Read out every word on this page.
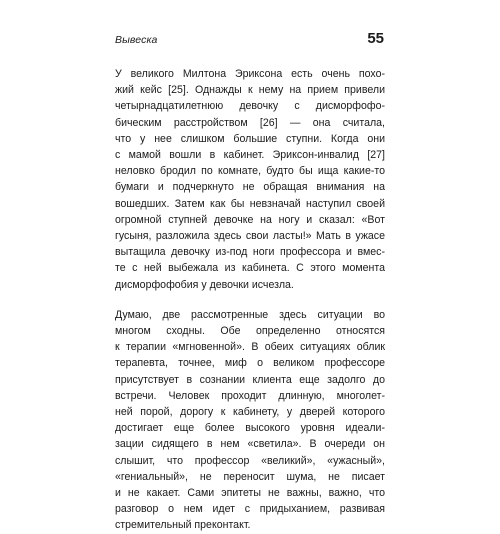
Вывеска	55

У великого Милтона Эриксона есть очень похо-
жий кейс [25]. Однажды к нему на прием привели
четырнадцатилетнюю девочку с дисморфофо-
бическим расстройством [26] — она считала,
что у нее слишком большие ступни. Когда они
с мамой вошли в кабинет. Эриксон-инвалид [27]
неловко бродил по комнате, будто бы ища какие-то
бумаги и подчеркнуто не обращая внимания на
вошедших. Затем как бы невзначай наступил своей
огромной ступней девочке на ногу и сказал: «Вот
гусыня, разложила здесь свои ласты!» Мать в ужасе
вытащила девочку из-под ноги профессора и вмес-
те с ней выбежала из кабинета. С этого момента
дисморфофобия у девочки исчезла.

Думаю, две рассмотренные здесь ситуации во
многом сходны. Обе определенно относятся
к терапии «мгновенной». В обеих ситуациях облик
терапевта, точнее, миф о великом профессоре
присутствует в сознании клиента еще задолго до
встречи. Человек проходит длинную, многолет-
ней порой, дорогу к кабинету, у дверей которого
достигает еще более высокого уровня идеали-
зации сидящего в нем «светила». В очереди он
слышит, что профессор «великий», «ужасный»,
«гениальный», не переносит шума, не писает
и не какает. Сами эпитеты не важны, важно, что
разговор о нем идет с придыханием, развивая
стремительный преконтакт.
